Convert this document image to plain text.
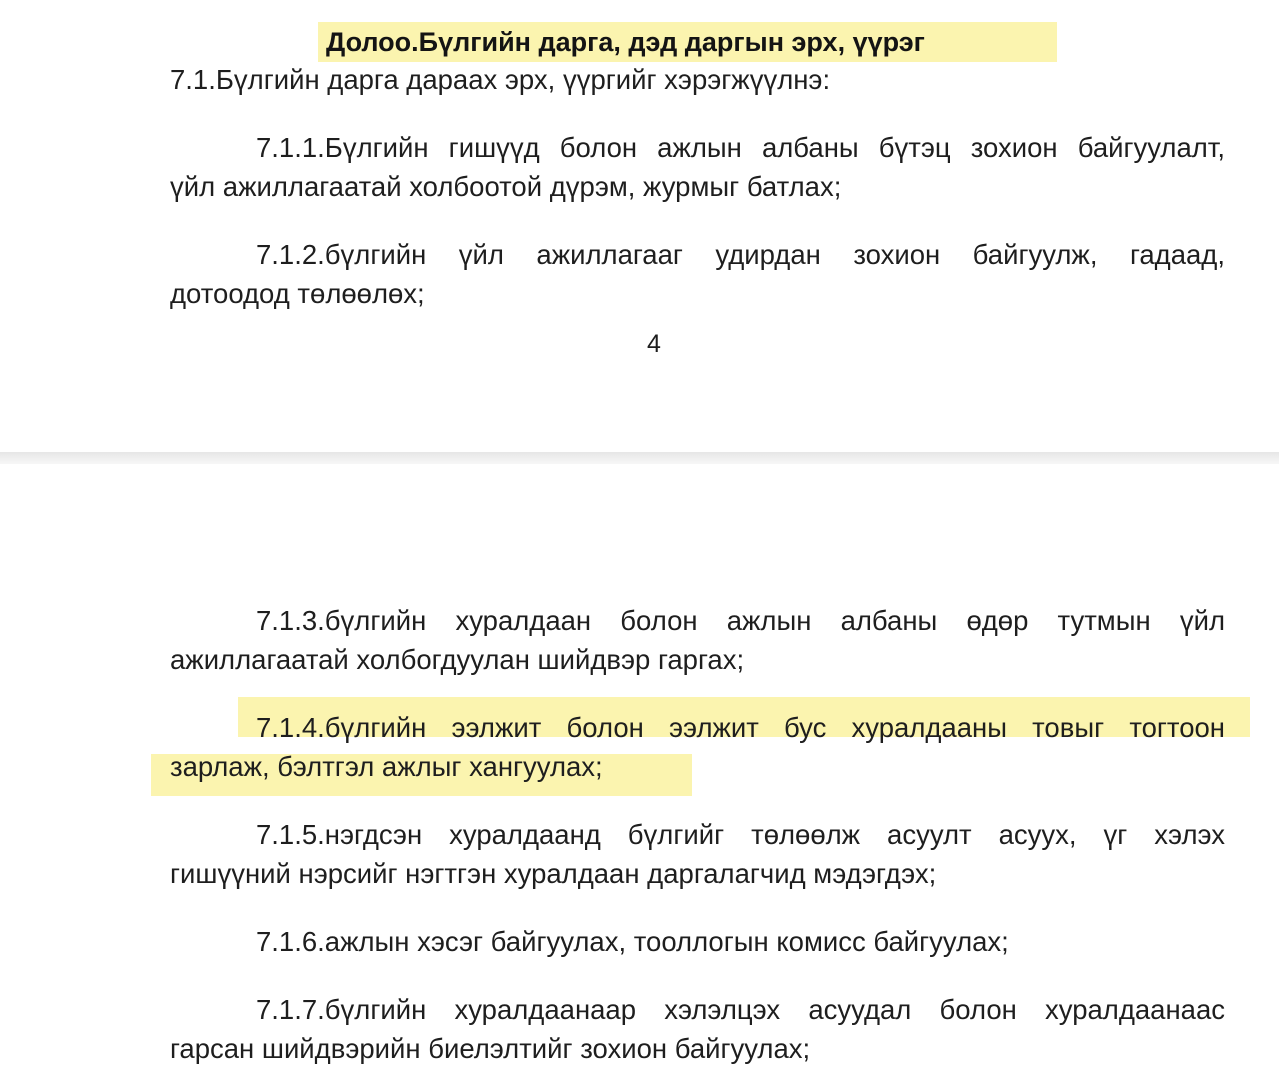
Долоо.Бүлгийн дарга, дэд даргын эрх, үүрэг
7.1.Бүлгийн дарга дараах эрх, үүргийг хэрэгжүүлнэ:
7.1.1.Бүлгийн гишүүд болон ажлын албаны бүтэц зохион байгуулалт,
үйл ажиллагаатай холбоотой дүрэм, журмыг батлах;
7.1.2.бүлгийн үйл ажиллагааг удирдан зохион байгуулж, гадаад,
дотоодод төлөөлөх;
4
7.1.3.бүлгийн хуралдаан болон ажлын албаны өдөр тутмын үйл
ажиллагаатай холбогдуулан шийдвэр гаргах;
7.1.4.бүлгийн ээлжит болон ээлжит бус хуралдааны товыг тогтоон
зарлаж, бэлтгэл ажлыг хангуулах;
7.1.5.нэгдсэн хуралдаанд бүлгийг төлөөлж асуулт асуух, үг хэлэх
гишүүний нэрсийг нэгтгэн хуралдаан даргалагчид мэдэгдэх;
7.1.6.ажлын хэсэг байгуулах, тооллогын комисс байгуулах;
7.1.7.бүлгийн хуралдаанаар хэлэлцэх асуудал болон хуралдаанаас
гарсан шийдвэрийн биелэлтийг зохион байгуулах;
